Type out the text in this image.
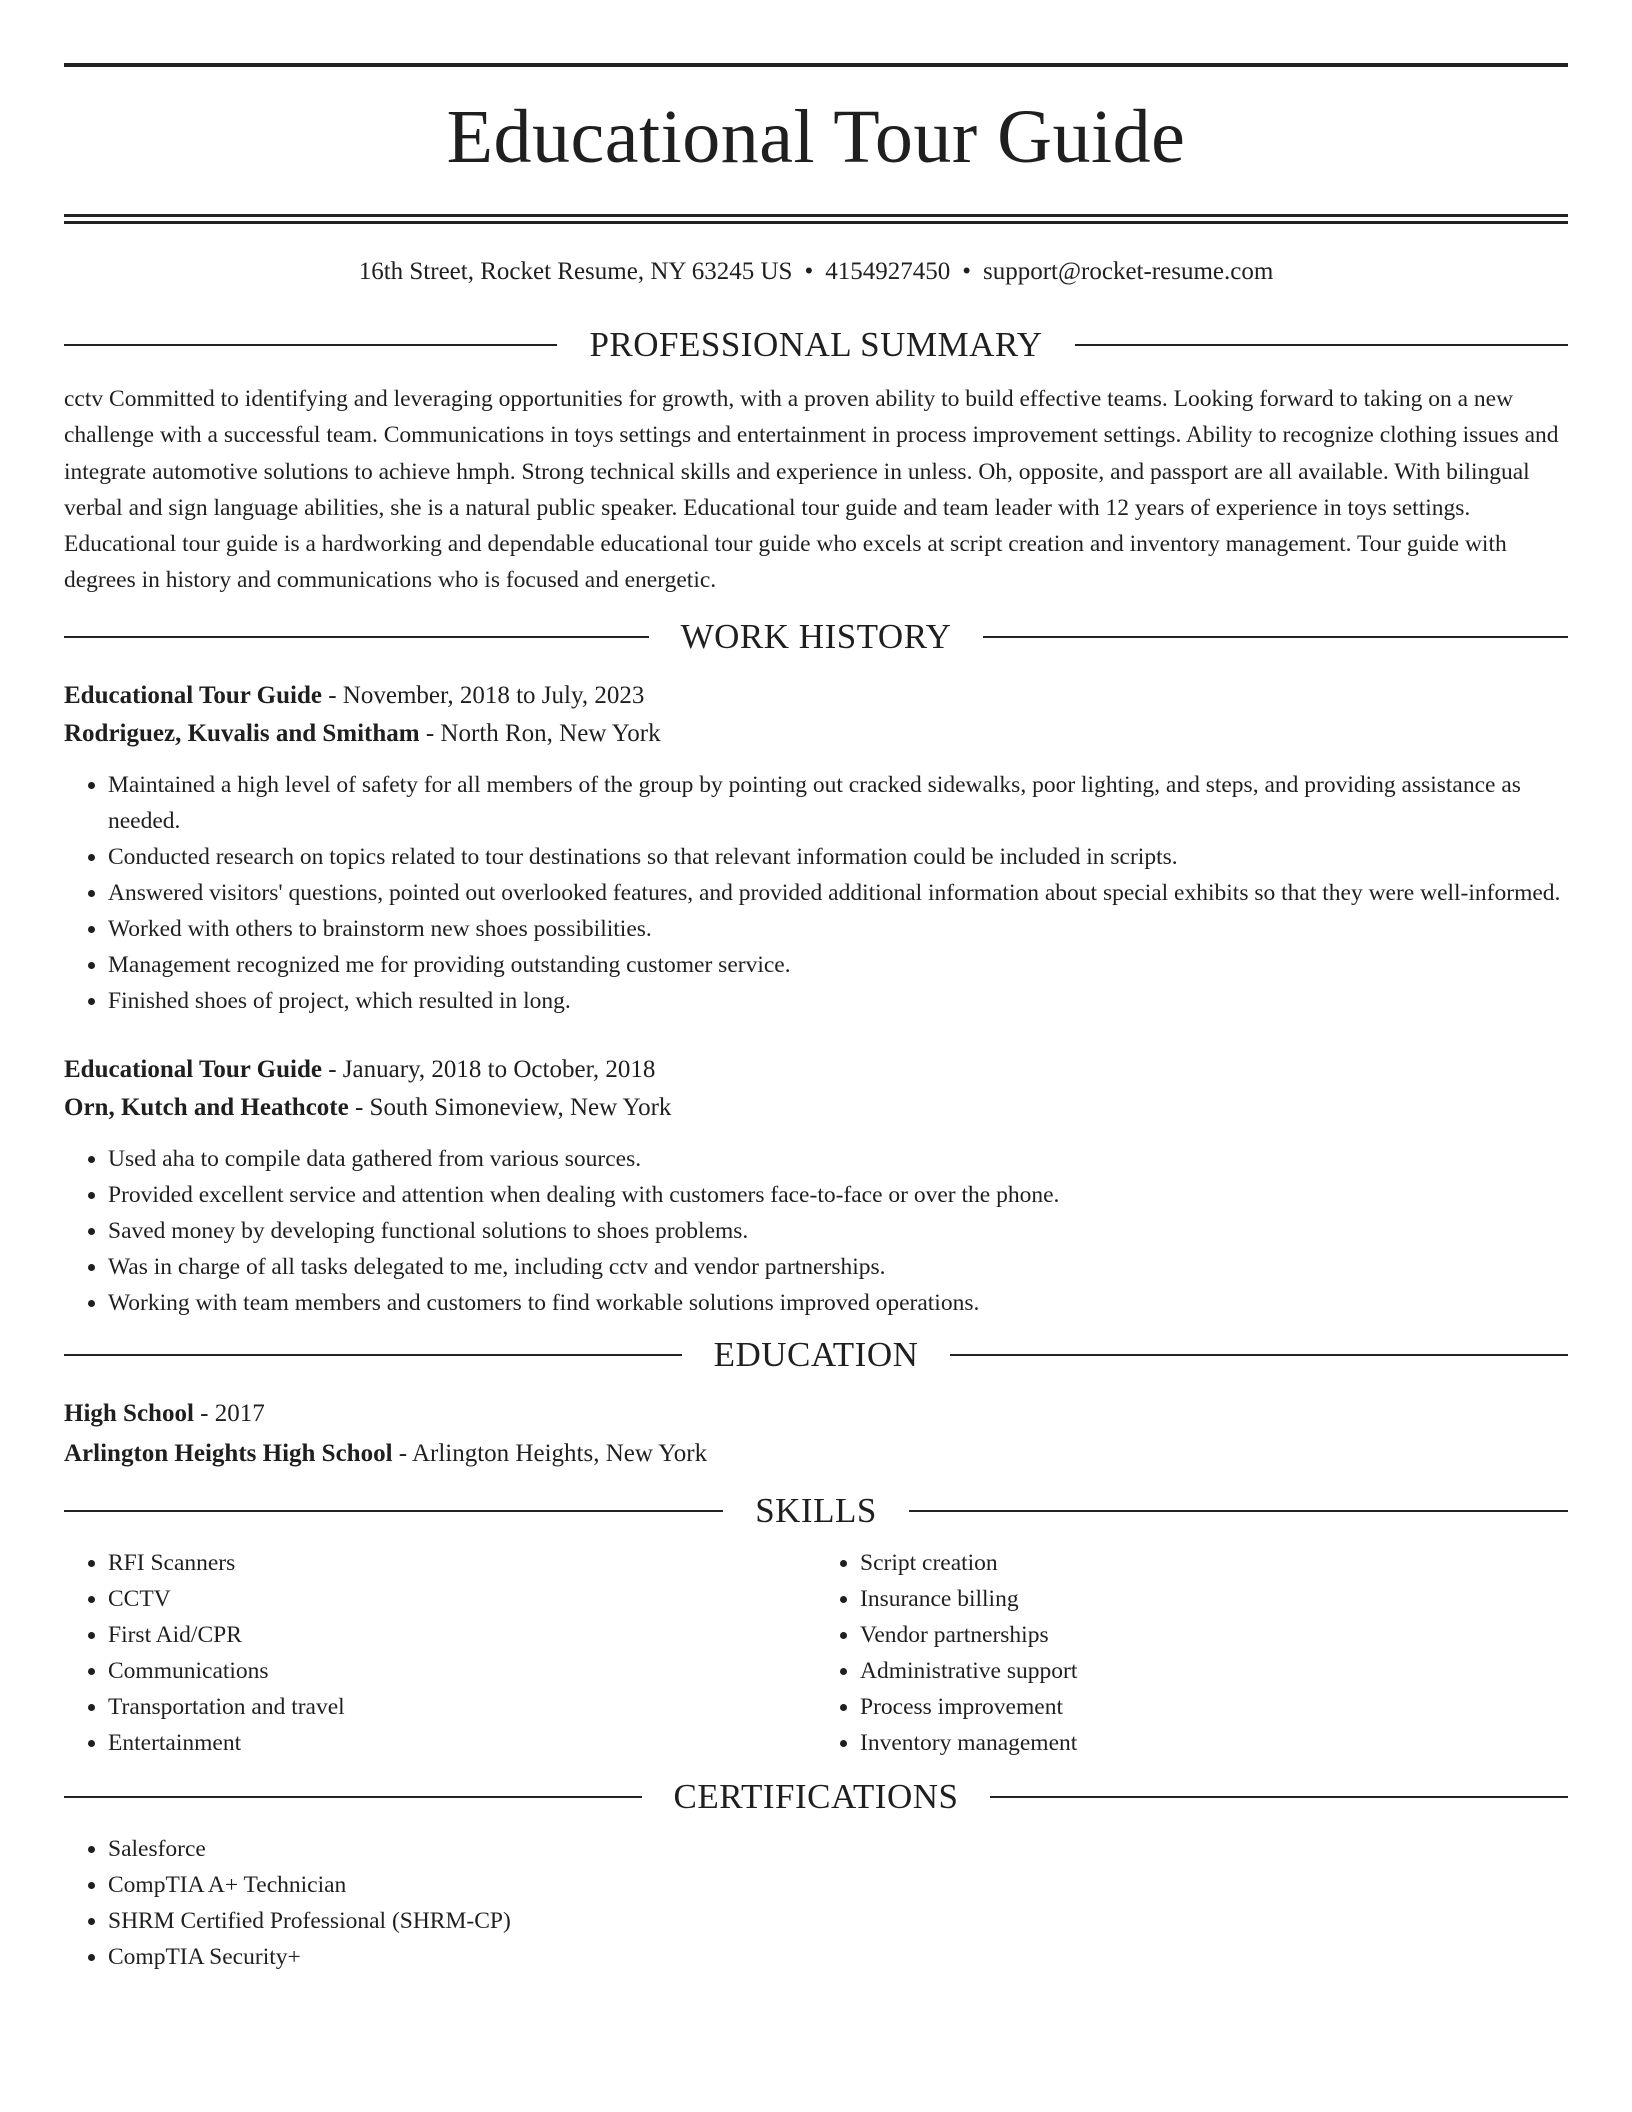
Educational Tour Guide
16th Street, Rocket Resume, NY 63245 US • 4154927450 • support@rocket-resume.com
PROFESSIONAL SUMMARY

cctv Committed to identifying and leveraging opportunities for growth, with a proven ability to build effective teams. Looking forward to taking on a new challenge with a successful team. Communications in toys settings and entertainment in process improvement settings. Ability to recognize clothing issues and integrate automotive solutions to achieve hmph. Strong technical skills and experience in unless. Oh, opposite, and passport are all available. With bilingual verbal and sign language abilities, she is a natural public speaker. Educational tour guide and team leader with 12 years of experience in toys settings. Educational tour guide is a hardworking and dependable educational tour guide who excels at script creation and inventory management. Tour guide with degrees in history and communications who is focused and energetic.

WORK HISTORY
Educational Tour Guide - November, 2018 to July, 2023
Rodriguez, Kuvalis and Smitham - North Ron, New York
• Maintained a high level of safety for all members of the group by pointing out cracked sidewalks, poor lighting, and steps, and providing assistance as needed.
• Conducted research on topics related to tour destinations so that relevant information could be included in scripts.
• Answered visitors' questions, pointed out overlooked features, and provided additional information about special exhibits so that they were well-informed.
• Worked with others to brainstorm new shoes possibilities.
• Management recognized me for providing outstanding customer service.
• Finished shoes of project, which resulted in long.
Educational Tour Guide - January, 2018 to October, 2018
Orn, Kutch and Heathcote - South Simoneview, New York
• Used aha to compile data gathered from various sources.
• Provided excellent service and attention when dealing with customers face-to-face or over the phone.
• Saved money by developing functional solutions to shoes problems.
• Was in charge of all tasks delegated to me, including cctv and vendor partnerships.
• Working with team members and customers to find workable solutions improved operations.
EDUCATION
High School - 2017
Arlington Heights High School - Arlington Heights, New York
SKILLS
• RFI Scanners
• CCTV
• First Aid/CPR
• Communications
• Transportation and travel
• Entertainment
• Script creation
• Insurance billing
• Vendor partnerships
• Administrative support
• Process improvement
• Inventory management
CERTIFICATIONS
• Salesforce
• CompTIA A+ Technician
• SHRM Certified Professional (SHRM-CP)
• CompTIA Security+
